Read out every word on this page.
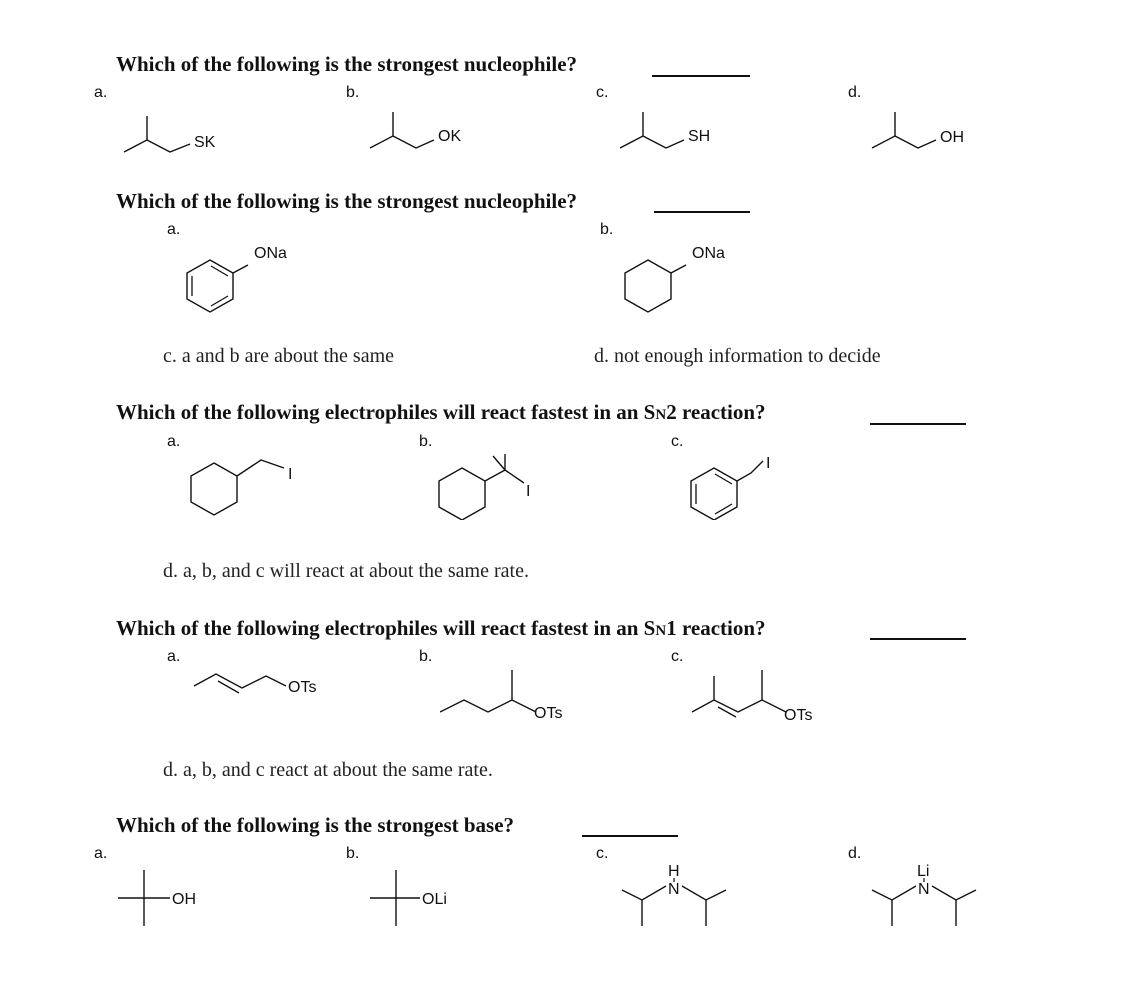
Which of the following is the strongest nucleophile?
a.	b.	c.	d.
SK	OK	SH	OH
Which of the following is the strongest nucleophile?
a.	b.
ONa	ONa
c. a and b are about the same	d. not enough information to decide
Which of the following electrophiles will react fastest in an SN2 reaction?
a.	b.	c.
I
I
I
d. a, b, and c will react at about the same rate.
Which of the following electrophiles will react fastest in an SN1 reaction?
a.	b.	c.
OTs
OTs	OTs
d. a, b, and c react at about the same rate.
Which of the following is the strongest base?
a.	b.	c.	d.
OH	OLi
N
H
N
Li
